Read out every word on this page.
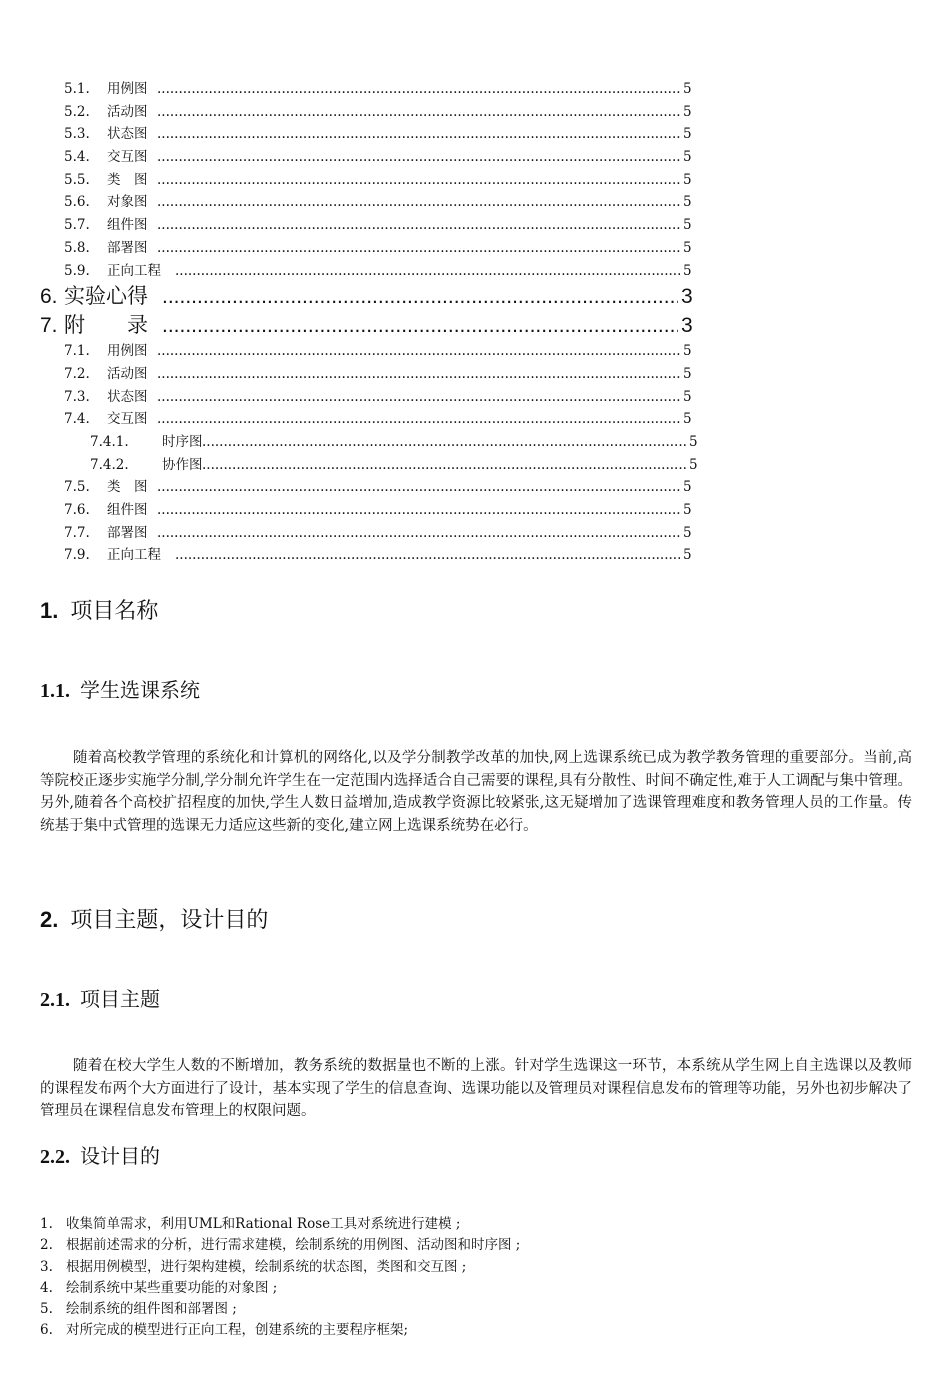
5.1. 用例图 .....	5
5.2. 活动图 .....	5
5.3. 状态图 .....	5
5.4. 交互图 .....	5
5.5. 类　图 .....	5
5.6. 对象图 .....	5
5.7. 组件图 .....	5
5.8. 部署图 .....	5
5.9. 正向工程 .....	5
6. 实验心得 .....	3
7. 附　　录 .....	3
7.1. 用例图 .....	5
7.2. 活动图 .....	5
7.3. 状态图 .....	5
7.4. 交互图 .....	5
7.4.1. 时序图 .....	5
7.4.2. 协作图 .....	5
7.5. 类　图 .....	5
7.6. 组件图 .....	5
7.7. 部署图 .....	5
7.9. 正向工程 .....	5
1. 项目名称
1.1. 学生选课系统
随着高校教学管理的系统化和计算机的网络化,以及学分制教学改革的加快,网上选课系统已成为教学教务管理的重要部分。当前,高等院校正逐步实施学分制,学分制允许学生在一定范围内选择适合自己需要的课程,具有分散性、时间不确定性,难于人工调配与集中管理。另外,随着各个高校扩招程度的加快,学生人数日益增加,造成教学资源比较紧张,这无疑增加了选课管理难度和教务管理人员的工作量。传统基于集中式管理的选课无力适应这些新的变化,建立网上选课系统势在必行。
2. 项目主题，设计目的
2.1. 项目主题
随着在校大学生人数的不断增加，教务系统的数据量也不断的上涨。针对学生选课这一环节，本系统从学生网上自主选课以及教师的课程发布两个大方面进行了设计，基本实现了学生的信息查询、选课功能以及管理员对课程信息发布的管理等功能，另外也初步解决了管理员在课程信息发布管理上的权限问题。
2.2. 设计目的
1. 收集简单需求，利用UML和Rational Rose工具对系统进行建模 ;
2. 根据前述需求的分析，进行需求建模，绘制系统的用例图、活动图和时序图 ;
3. 根据用例模型，进行架构建模，绘制系统的状态图，类图和交互图 ;
4. 绘制系统中某些重要功能的对象图 ;
5. 绘制系统的组件图和部署图 ;
6. 对所完成的模型进行正向工程，创建系统的主要程序框架;
